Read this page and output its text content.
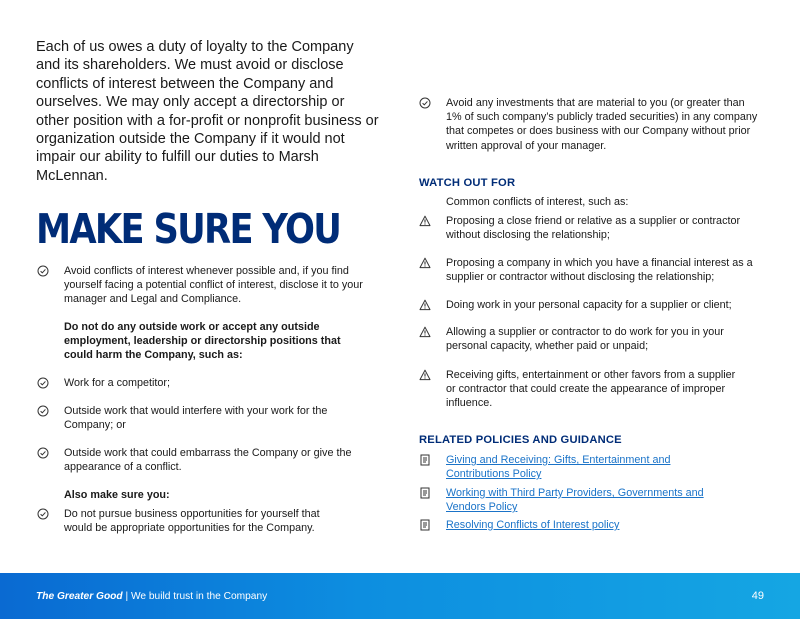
Each of us owes a duty of loyalty to the Company and its shareholders. We must avoid or disclose conflicts of interest between the Company and ourselves. We may only accept a directorship or other position with a for-profit or nonprofit business or organization outside the Company if it would not impair our ability to fulfill our duties to Marsh McLennan.
MAKE SURE YOU
Avoid conflicts of interest whenever possible and, if you find yourself facing a potential conflict of interest, disclose it to your manager and Legal and Compliance.
Do not do any outside work or accept any outside employment, leadership or directorship positions that could harm the Company, such as:
Work for a competitor;
Outside work that would interfere with your work for the Company; or
Outside work that could embarrass the Company or give the appearance of a conflict.
Also make sure you:
Do not pursue business opportunities for yourself that would be appropriate opportunities for the Company.
Avoid any investments that are material to you (or greater than 1% of such company’s publicly traded securities) in any company that competes or does business with our Company without prior written approval of your manager.
WATCH OUT FOR
Common conflicts of interest, such as:
Proposing a close friend or relative as a supplier or contractor without disclosing the relationship;
Proposing a company in which you have a financial interest as a supplier or contractor without disclosing the relationship;
Doing work in your personal capacity for a supplier or client;
Allowing a supplier or contractor to do work for you in your personal capacity, whether paid or unpaid;
Receiving gifts, entertainment or other favors from a supplier or contractor that could create the appearance of improper influence.
RELATED POLICIES AND GUIDANCE
Giving and Receiving: Gifts, Entertainment and Contributions Policy
Working with Third Party Providers, Governments and Vendors Policy
Resolving Conflicts of Interest policy
The Greater Good | We build trust in the Company	49
